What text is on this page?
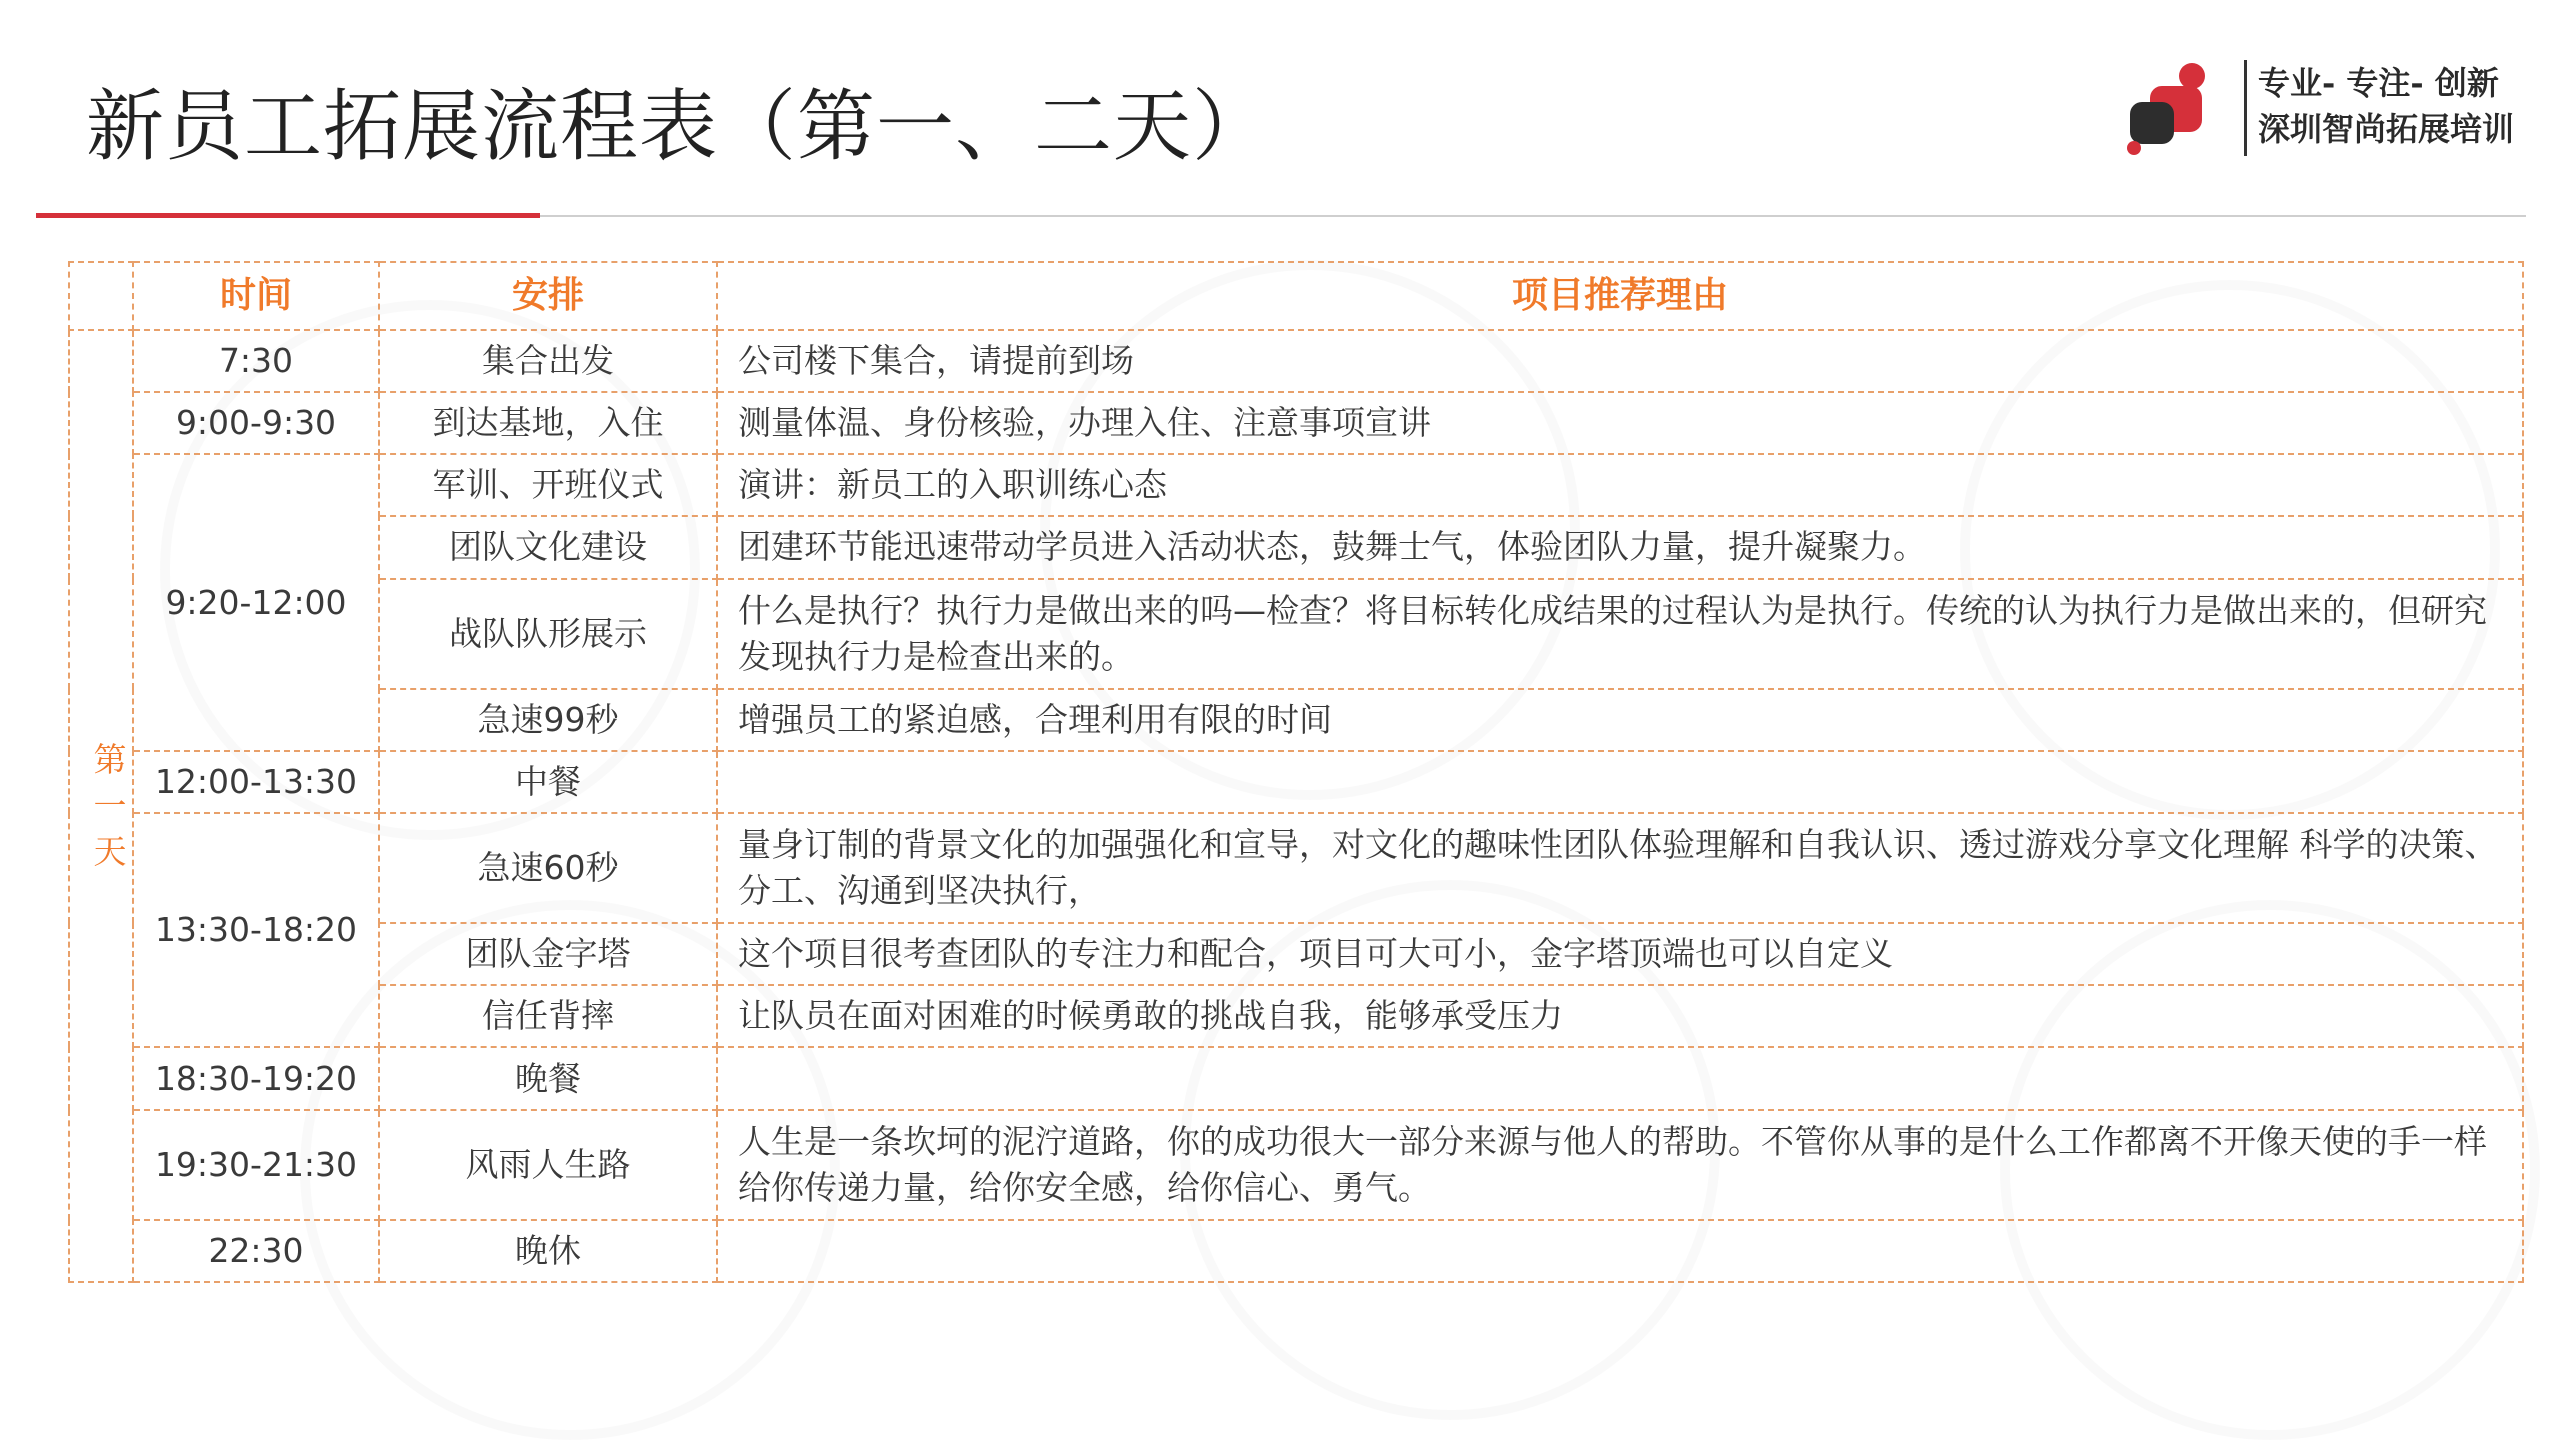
新员工拓展流程表（第一、二天）	专业- 专注- 创新
深圳智尚拓展培训
	时间	安排	项目推荐理由
第一天	7:30	集合出发	公司楼下集合，请提前到场
	9:00-9:30	到达基地，入住	测量体温、身份核验，办理入住、注意事项宣讲
	9:20-12:00	军训、开班仪式	演讲：新员工的入职训练心态
		团队文化建设	团建环节能迅速带动学员进入活动状态，鼓舞士气，体验团队力量，提升凝聚力。
		战队队形展示	什么是执行？执行力是做出来的吗—检查？将目标转化成结果的过程认为是执行。传统的认为执行力是做出来的，但研究发现执行力是检查出来的。
		急速99秒	增强员工的紧迫感，合理利用有限的时间
	12:00-13:30	中餐	
	13:30-18:20	急速60秒	量身订制的背景文化的加强强化和宣导，对文化的趣味性团队体验理解和自我认识、透过游戏分享文化理解 科学的决策、分工、沟通到坚决执行，
		团队金字塔	这个项目很考查团队的专注力和配合，项目可大可小，金字塔顶端也可以自定义
		信任背摔	让队员在面对困难的时候勇敢的挑战自我，能够承受压力
	18:30-19:20	晚餐	
	19:30-21:30	风雨人生路	人生是一条坎坷的泥泞道路，你的成功很大一部分来源与他人的帮助。不管你从事的是什么工作都离不开像天使的手一样给你传递力量，给你安全感，给你信心、勇气。
	22:30	晚休	
